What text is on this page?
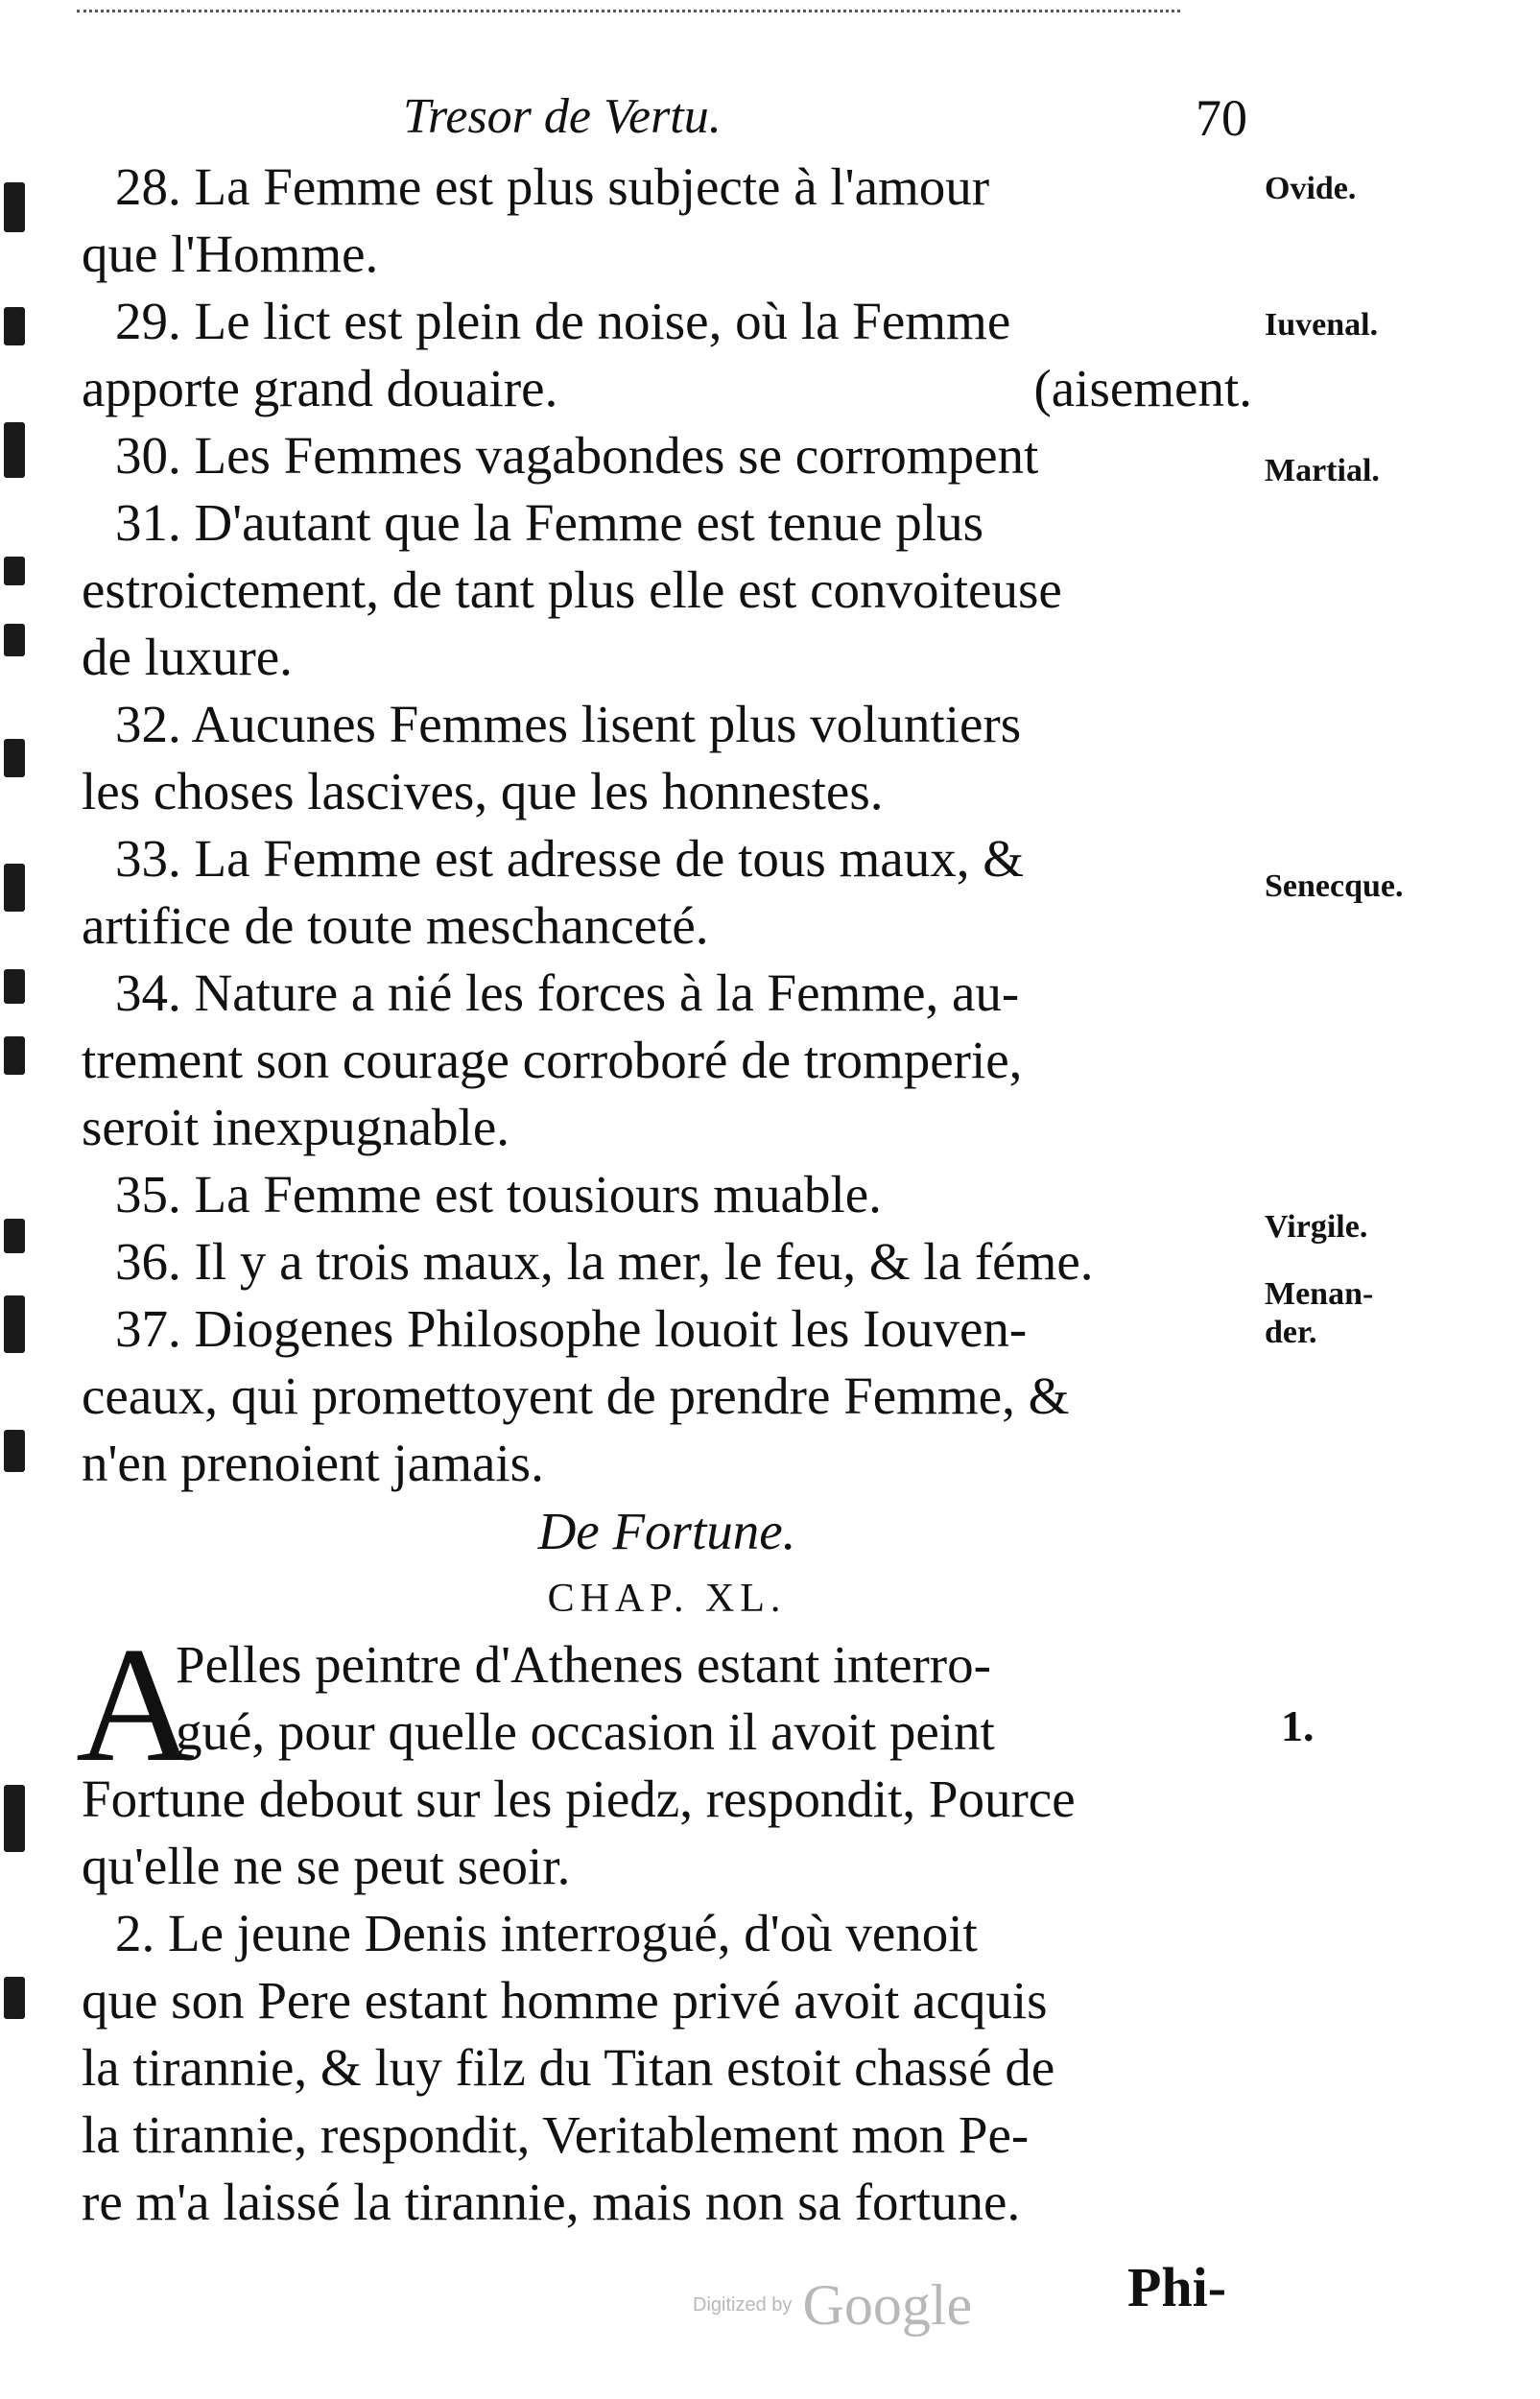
Tresor de Vertu.	70
28. La Femme est plus subjecte à l'amour
que l'Homme.
29. Le lict est plein de noise, où la Femme
apporte grand douaire.	(aisement.
30. Les Femmes vagabondes se corrompent
31. D'autant que la Femme est tenue plus
estroictement, de tant plus elle est convoiteuse
de luxure.
32. Aucunes Femmes lisent plus voluntiers
les choses lascives, que les honnestes.
33. La Femme est adresse de tous maux, &
artifice de toute meschanceté.
34. Nature a nié les forces à la Femme, au-
trement son courage corroboré de tromperie,
seroit inexpugnable.
35. La Femme est tousiours muable.
36. Il y a trois maux, la mer, le feu, & la féme.
37. Diogenes Philosophe louoit les Iouven-
ceaux, qui promettoyent de prendre Femme, &
n'en prenoient jamais.
De Fortune.
CHAP. XL.
A
Pelles peintre d'Athenes estant interro-
gué, pour quelle occasion il avoit peint
Fortune debout sur les piedz, respondit, Pource
qu'elle ne se peut seoir.
2. Le jeune Denis interrogué, d'où venoit
que son Pere estant homme privé avoit acquis
la tirannie, & luy filz du Titan estoit chassé de
la tirannie, respondit, Veritablement mon Pe-
re m'a laissé la tirannie, mais non sa fortune.
Ovide.
Iuvenal.
Martial.
Senecque.
Virgile.
Menan-
der.
1.
Phi-
Digitized by Google
